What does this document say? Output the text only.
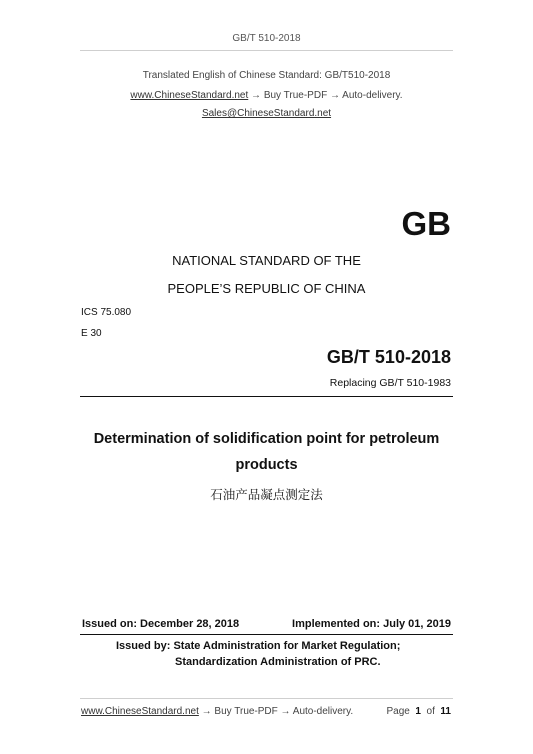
GB/T 510-2018
Translated English of Chinese Standard: GB/T510-2018
www.ChineseStandard.net → Buy True-PDF → Auto-delivery.
Sales@ChineseStandard.net
GB
NATIONAL STANDARD OF THE
PEOPLE’S REPUBLIC OF CHINA
ICS 75.080
E 30
GB/T 510-2018
Replacing GB/T 510-1983
Determination of solidification point for petroleum
products
石油产品凝点测定法
Issued on: December 28, 2018	Implemented on: July 01, 2019
Issued by: State Administration for Market Regulation;
Standardization Administration of PRC.
www.ChineseStandard.net → Buy True-PDF → Auto-delivery.	Page 1 of 11
